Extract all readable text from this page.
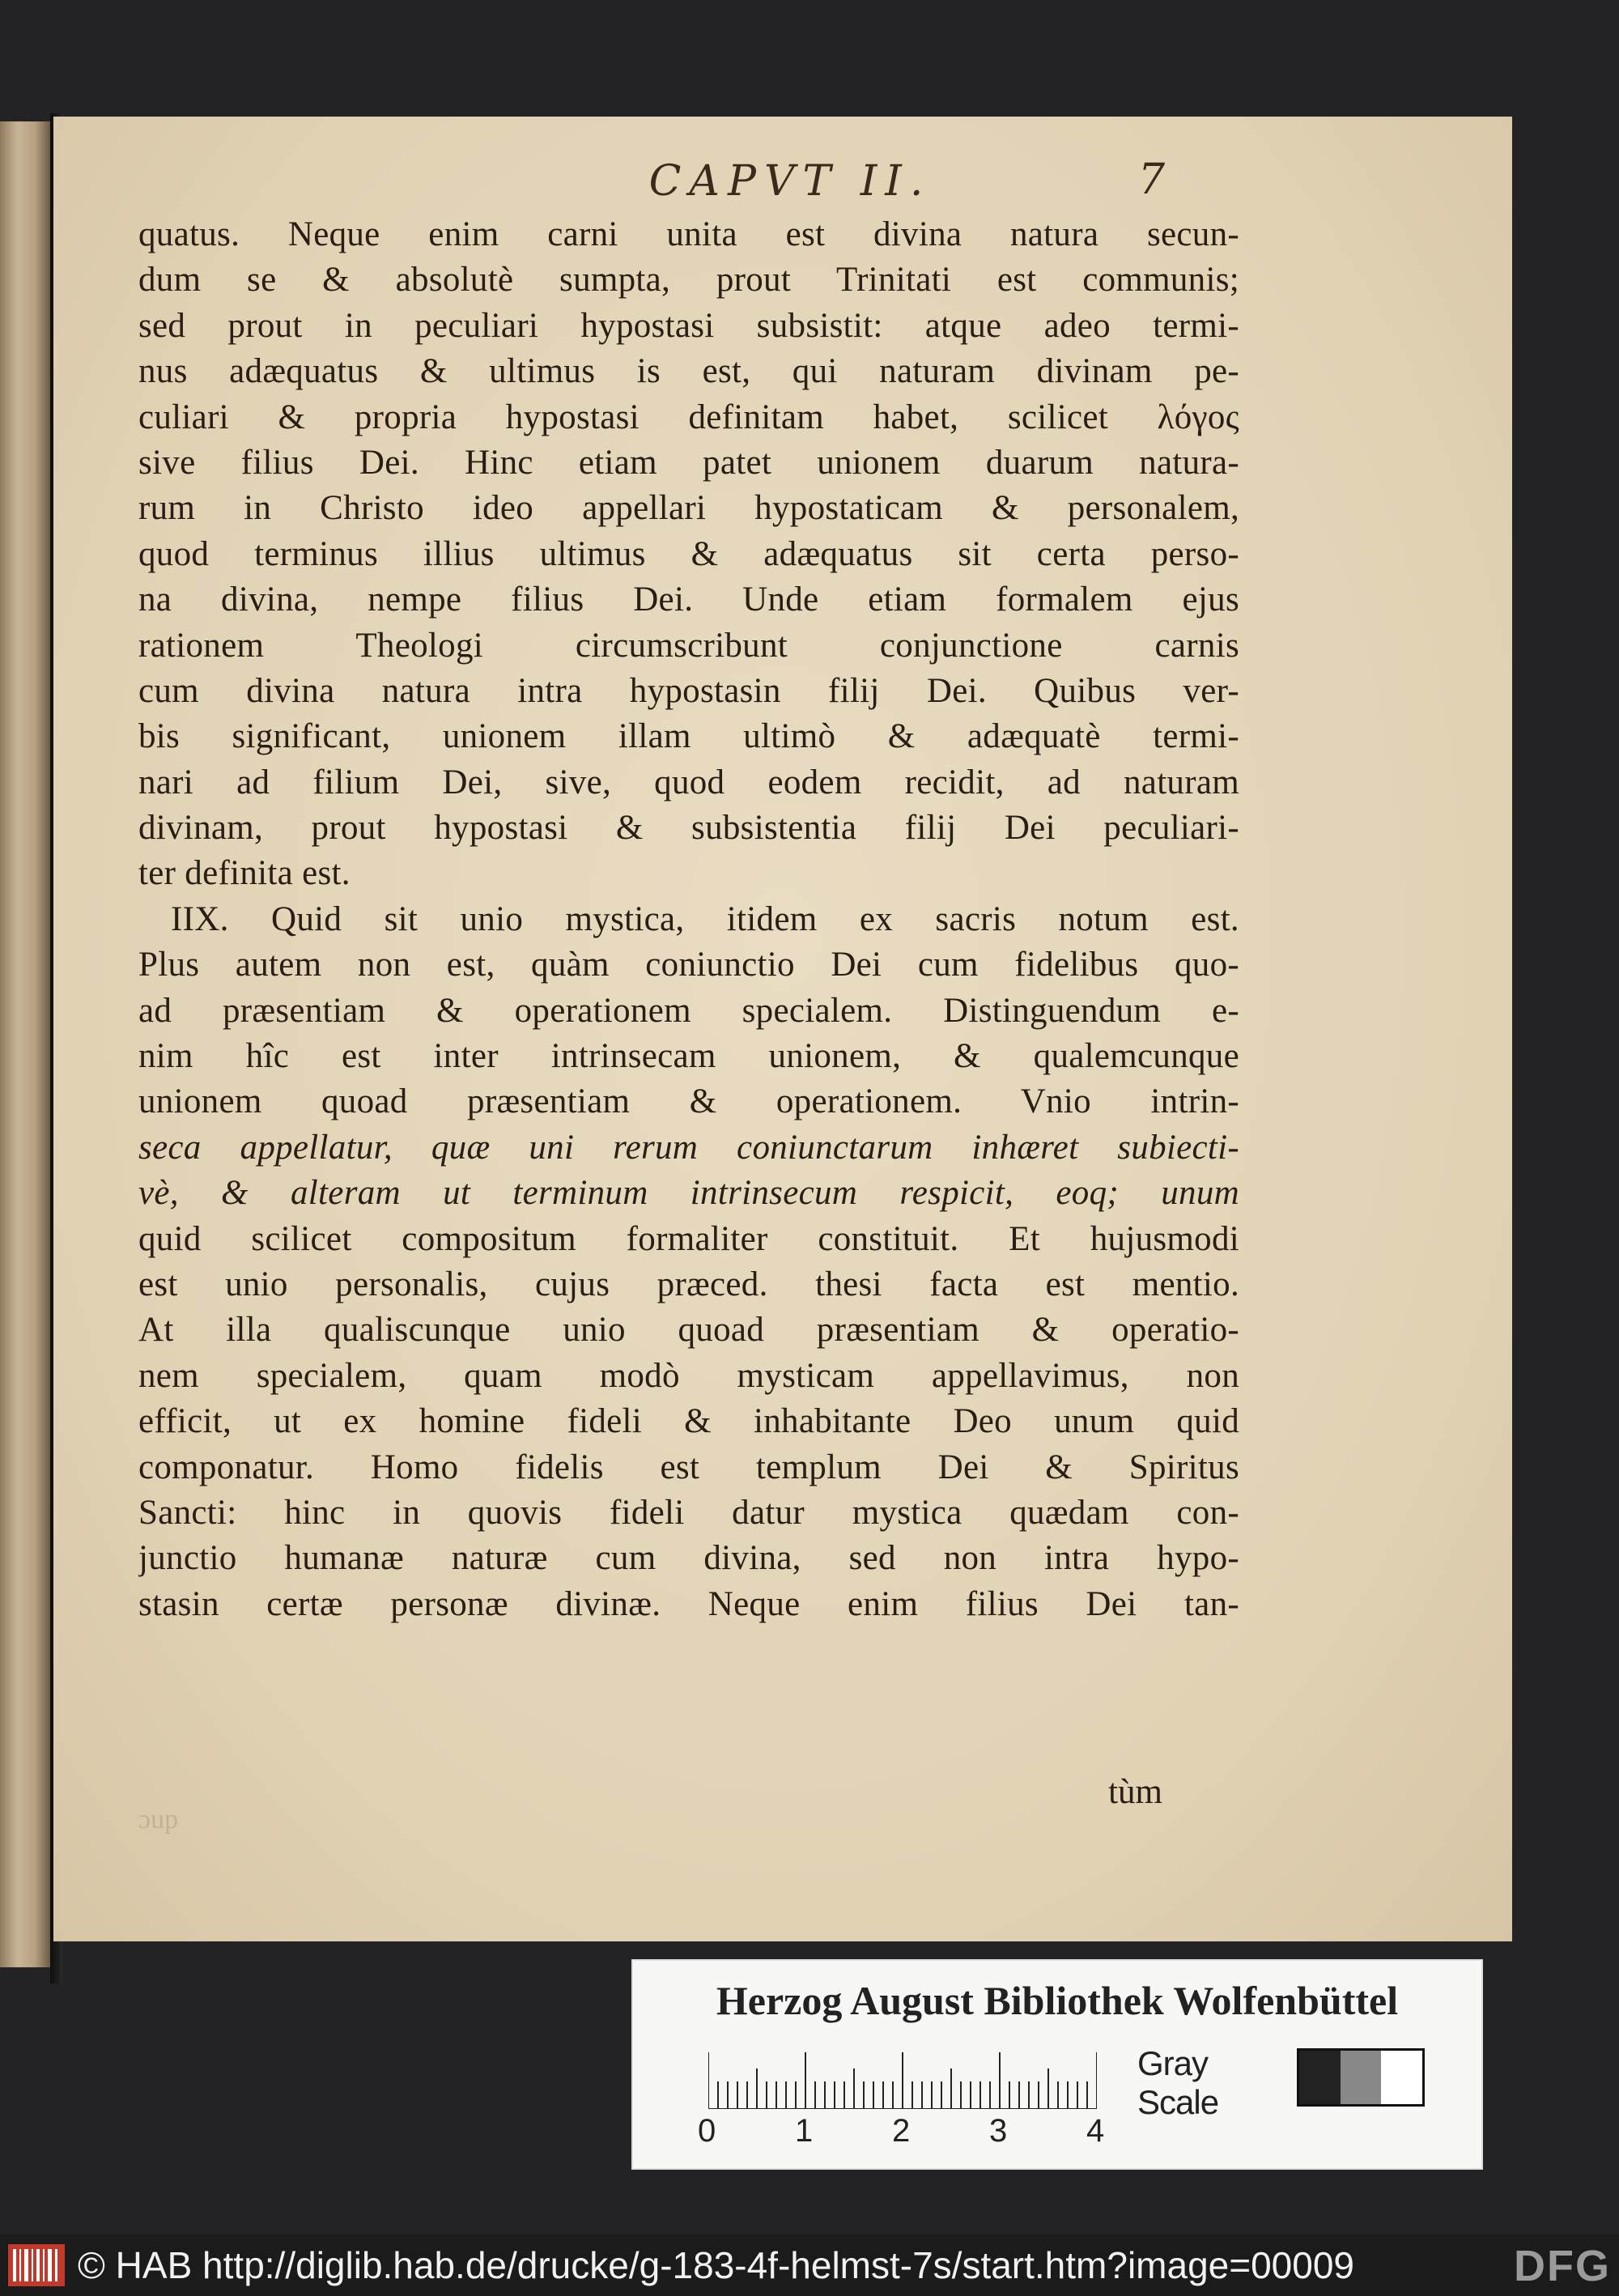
CAPVT II.	7
quatus. Neque enim carni unita est divina natura secun-
dum se & absolutè sumpta, prout Trinitati est communis;
sed prout in peculiari hypostasi subsistit: atque adeo termi-
nus adæquatus & ultimus is est, qui naturam divinam pe-
culiari & propria hypostasi definitam habet, scilicet λόγος
sive filius Dei. Hinc etiam patet unionem duarum natura-
rum in Christo ideo appellari hypostaticam & personalem,
quod terminus illius ultimus & adæquatus sit certa perso-
na divina, nempe filius Dei. Unde etiam formalem ejus
rationem Theologi circumscribunt conjunctione carnis
cum divina natura intra hypostasin filij Dei. Quibus ver-
bis significant, unionem illam ultimò & adæquatè termi-
nari ad filium Dei, sive, quod eodem recidit, ad naturam
divinam, prout hypostasi & subsistentia filij Dei peculiari-
ter definita est.
IIX. Quid sit unio mystica, itidem ex sacris notum est.
Plus autem non est, quàm coniunctio Dei cum fidelibus quo-
ad præsentiam & operationem specialem. Distinguendum e-
nim hîc est inter intrinsecam unionem, & qualemcunque
unionem quoad præsentiam & operationem. Vnio intrin-
seca appellatur, quæ uni rerum coniunctarum inhæret subiecti-
vè, & alteram ut terminum intrinsecum respicit, eoq; unum
quid scilicet compositum formaliter constituit. Et hujusmodi
est unio personalis, cujus præced. thesi facta est mentio.
At illa qualiscunque unio quoad præsentiam & operatio-
nem specialem, quam modò mysticam appellavimus, non
efficit, ut ex homine fideli & inhabitante Deo unum quid
componatur. Homo fidelis est templum Dei & Spiritus
Sancti: hinc in quovis fideli datur mystica quædam con-
junctio humanæ naturæ cum divina, sed non intra hypo-
stasin certæ personæ divinæ. Neque enim filius Dei tan-
ɔup
tùm
Herzog August Bibliothek Wolfenbüttel
0 1 2 3 4
Gray Scale
© HAB http://diglib.hab.de/drucke/g-183-4f-helmst-7s/start.htm?image=00009	DFG
